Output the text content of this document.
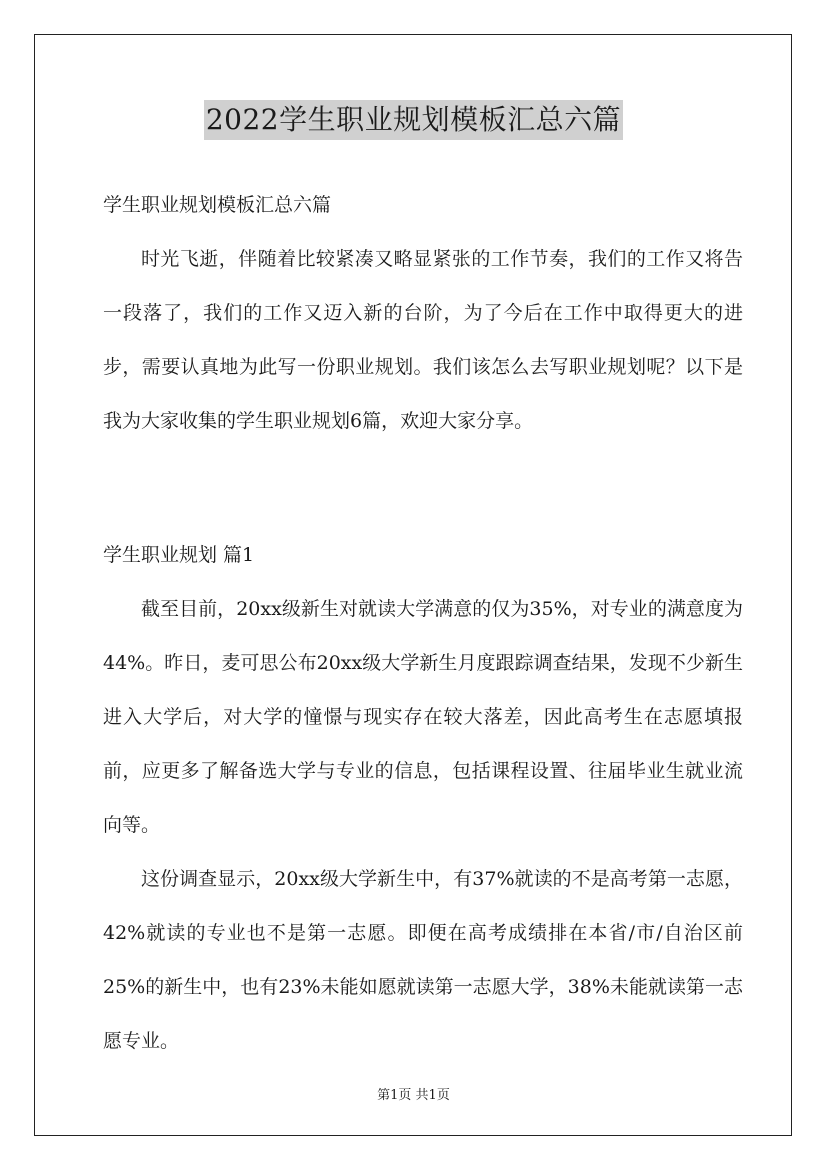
2022学生职业规划模板汇总六篇

学生职业规划模板汇总六篇

时光飞逝，伴随着比较紧凑又略显紧张的工作节奏，我们的工作又将告一段落了，我们的工作又迈入新的台阶，为了今后在工作中取得更大的进步，需要认真地为此写一份职业规划。我们该怎么去写职业规划呢？以下是我为大家收集的学生职业规划6篇，欢迎大家分享。

学生职业规划 篇1

截至目前，20xx级新生对就读大学满意的仅为35%，对专业的满意度为44%。昨日，麦可思公布20xx级大学新生月度跟踪调查结果，发现不少新生进入大学后，对大学的憧憬与现实存在较大落差，因此高考生在志愿填报前，应更多了解备选大学与专业的信息，包括课程设置、往届毕业生就业流向等。

这份调查显示，20xx级大学新生中，有37%就读的不是高考第一志愿，42%就读的专业也不是第一志愿。即便在高考成绩排在本省/市/自治区前25%的新生中，也有23%未能如愿就读第一志愿大学，38%未能就读第一志愿专业。

第1页 共1页
